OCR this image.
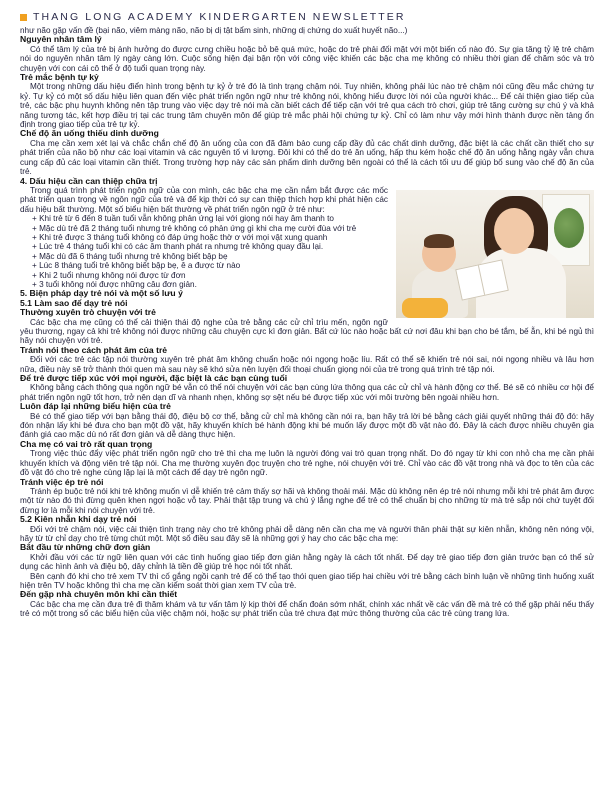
THANG LONG ACADEMY KINDERGARTEN NEWSLETTER

như não gặp vấn đề (bại não, viêm màng não, não bị dị tật bẩm sinh, những dị chứng do xuất huyết não...)

Nguyên nhân tâm lý

Có thể tâm lý của trẻ bị ảnh hưởng do được cưng chiều hoặc bỏ bê quá mức, hoặc do trẻ phải đối mặt với một biến cố nào đó. Sự gia tăng tỷ lệ trẻ chậm nói do nguyên nhân tâm lý ngày càng lớn. Cuộc sống hiện đại bận rộn với công việc khiến các bậc cha mẹ không có nhiều thời gian để chăm sóc và trò chuyện với con cái cô thể ở độ tuổi quan trọng này.

Trẻ mắc bệnh tự kỷ

Một trong những dấu hiệu điển hình trong bệnh tự kỷ ở trẻ đó là tình trạng chậm nói. Tuy nhiên, không phải lúc nào trẻ chậm nói cũng đều mắc chứng tự kỷ. Tự kỷ có một số dấu hiệu liên quan đến việc phát triển ngôn ngữ như trẻ không nói, không hiểu được lời nói của người khác... Để cải thiện giao tiếp của trẻ, các bậc phụ huynh không nên tập trung vào việc dạy trẻ nói mà cần biết cách để tiếp cận với trẻ qua cách trò chơi, giúp trẻ tăng cường sự chú ý và khả năng tương tác, kết hợp điều trị tại các trung tâm chuyên môn để giúp trẻ mắc phải hội chứng tự kỷ. Chỉ có làm như vậy mới hình thành được nền tảng ổn định trong giao tiếp của trẻ tự kỷ.

Chế độ ăn uống thiếu dinh dưỡng

Cha mẹ cần xem xét lại và chắc chắn chế độ ăn uống của con đã đảm bảo cung cấp đầy đủ các chất dinh dưỡng, đặc biệt là các chất cần thiết cho sự phát triển của não bộ như các loại vitamin và các nguyên tố vi lượng. Đôi khi có thể do trẻ ăn uống, hấp thu kém hoặc chế độ ăn uống hằng ngày vẫn chưa cung cấp đủ các loại vitamin cần thiết. Trong trường hợp này các sản phẩm dinh dưỡng bên ngoài có thể là cách tối ưu để giúp bổ sung vào chế độ ăn của trẻ.

4. Dấu hiệu cần can thiệp chữa trị

Trong quá trình phát triển ngôn ngữ của con mình, các bậc cha mẹ cần nắm bắt được các mốc phát triển quan trọng về ngôn ngữ của trẻ và để kịp thời có sự can thiệp thích hợp khi phát hiện các dấu hiệu bất thường. Một số biểu hiện bất thường về phát triển ngôn ngữ ở trẻ như:

+ Khi trẻ từ 6 đến 8 tuần tuổi vẫn không phản ứng lại với giọng nói hay âm thanh to

+ Mặc dù trẻ đã 2 tháng tuổi nhưng trẻ không có phản ứng gì khi cha mẹ cười đùa với trẻ

+ Khi trẻ được 3 tháng tuổi không có đáp ứng hoặc thờ ơ với mọi vật xung quanh

+ Lúc trẻ 4 tháng tuổi khi có các âm thanh phát ra nhưng trẻ không quay đầu lại.

+ Mặc dù đã 6 tháng tuổi nhưng trẻ không biết bập bẹ

+ Lúc 8 tháng tuổi trẻ không biết bập bẹ, ê a được từ nào

+ Khi 2 tuổi nhưng không nói được từ đơn

+ 3 tuổi không nói được những câu đơn giản.

5. Biện pháp dạy trẻ nói và một số lưu ý

5.1 Làm sao để dạy trẻ nói

Thường xuyên trò chuyện với trẻ

Các bậc cha mẹ cũng có thể cải thiện thái độ nghe của trẻ bằng các cử chỉ trìu mến, ngôn ngữ yêu thương, ngay cả khi trẻ không nói được những câu chuyện cực kì đơn giản. Bất cứ lúc nào hoặc bất cứ nơi đâu khi bạn cho bé tắm, bế ẵn, khi bé ngủ thì hãy nói chuyện với trẻ.

Tránh nói theo cách phát âm của trẻ

Đối với các trẻ các tập nói thường xuyên trẻ phát âm không chuẩn hoặc nói ngọng hoặc líu. Rất có thể sẽ khiến trẻ nói sai, nói ngọng nhiều và lâu hơn nữa, điều này sẽ trở thành thói quen mà sau này sẽ khó sửa nên luyện đối thoại chuẩn giọng nói của trẻ trong quá trình trẻ tập nói.

Để trẻ được tiếp xúc với mọi người, đặc biệt là các bạn cùng tuổi

Không bằng cách thông qua ngôn ngữ bé vẫn có thể nói chuyện với các bạn cùng lứa thông qua các cử chỉ và hành động cơ thể. Bé sẽ có nhiều cơ hội để phát triển ngôn ngữ tốt hơn, trở nên dạn dĩ và nhanh nhẹn, không sợ sệt nếu bé được tiếp xúc với môi trường bên ngoài nhiều hơn.

Luôn đáp lại những biểu hiện của trẻ

Bé có thể giao tiếp với bạn bằng thái độ, điệu bộ cơ thể, bằng cử chỉ mà không cần nói ra, bạn hãy trả lời bé bằng cách giải quyết những thái độ đó: hãy đón nhận lấy khi bé đưa cho bạn một đồ vật, hãy khuyến khích bé hành động khi bé muốn lấy được một đồ vật nào đó. Đây là cách được nhiều chuyên gia đánh giá cao mặc dù nó rất đơn giản và dễ dàng thực hiện.

Cha mẹ có vai trò rất quan trọng

Trong việc thúc đẩy việc phát triển ngôn ngữ cho trẻ thì cha mẹ luôn là người đóng vai trò quan trọng nhất. Do đó ngay từ khi con nhỏ cha mẹ cần phải khuyến khích và động viên trẻ tập nói. Cha mẹ thường xuyên đọc truyện cho trẻ nghe, nói chuyện với trẻ. Chỉ vào các đồ vật trong nhà và đọc to tên của các đồ vật đó cho trẻ nghe cùng lặp lại là một cách để dạy trẻ ngôn ngữ.

Tránh việc ép trẻ nói

Tránh ép buộc trẻ nói khi trẻ không muốn vì dễ khiến trẻ cảm thấy sợ hãi và không thoải mái. Mặc dù không nên ép trẻ nói nhưng mỗi khi trẻ phát âm được một từ nào đó thì đừng quên khen ngợi hoặc vỗ tay. Phải thật tập trung và chú ý lắng nghe để trẻ có thể chuẩn bị cho những từ mà trẻ sắp nói chứ tuyệt đối đừng lơ là mỗi khi nói chuyện với trẻ.

5.2 Kiên nhẫn khi dạy trẻ nói

Đối với trẻ chậm nói, việc cải thiện tình trạng này cho trẻ không phải dễ dàng nên cần cha mẹ và người thân phải thật sự kiên nhẫn, không nên nóng vội, hãy từ từ chỉ dạy cho trẻ từng chút một. Một số điều sau đây sẽ là những gợi ý hay cho các bậc cha mẹ:

Bắt đầu từ những chữ đơn giản

Khởi đầu với các từ ngữ liên quan với các tình huống giao tiếp đơn giản hằng ngày là cách tốt nhất. Để dạy trẻ giao tiếp đơn giản trước bạn có thể sử dụng các hình ảnh và điệu bộ, dây chỉnh là tiền đề giúp trẻ học nói tốt nhất.

Bên cạnh đó khi cho trẻ xem TV thì cố gắng ngồi cạnh trẻ để có thể tạo thói quen giao tiếp hai chiều với trẻ bằng cách bình luận về những tình huống xuất hiện trên TV hoặc không thì cha mẹ cần kiểm soát thời gian xem TV của trẻ.

Đến gặp nhà chuyên môn khi cần thiết

Các bậc cha mẹ cần đưa trẻ đi thăm khám và tư vấn tâm lý kịp thời để chẩn đoán sớm nhất, chính xác nhất về các vấn đề mà trẻ có thể gặp phải nếu thấy trẻ có một trong số các biểu hiện của việc chậm nói, hoặc sự phát triển của trẻ chưa đạt mức thông thường của các trẻ cùng trang lứa.
